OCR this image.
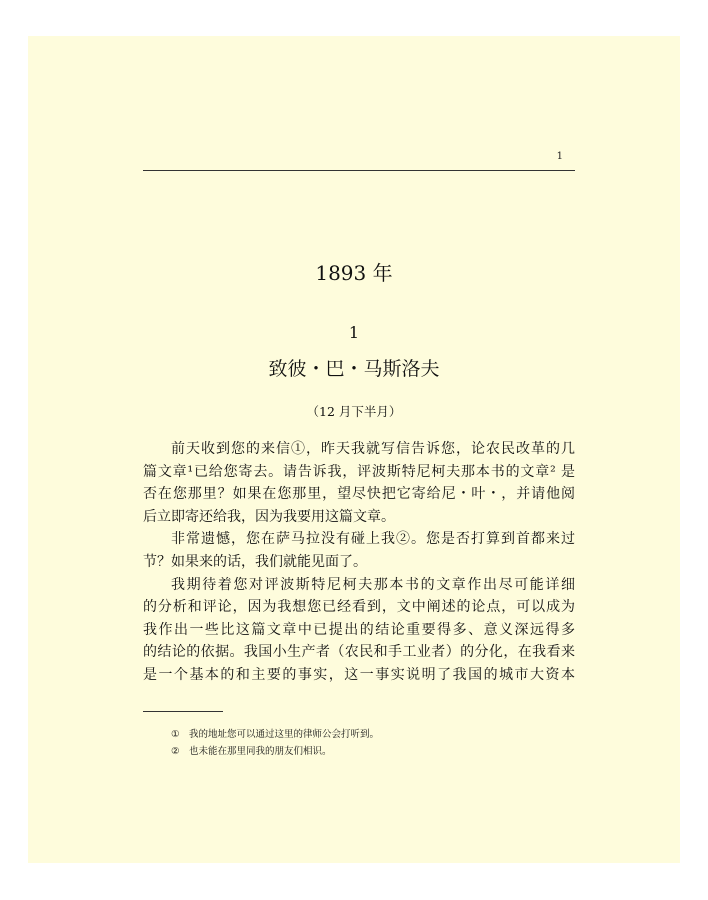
1
1893 年
1
致彼・巴・马斯洛夫
（12 月下半月）
前天收到您的来信①，昨天我就写信告诉您，论农民改革的几
篇文章¹已给您寄去。请告诉我，评波斯特尼柯夫那本书的文章² 是
否在您那里？如果在您那里，望尽快把它寄给尼・叶・，并请他阅
后立即寄还给我，因为我要用这篇文章。
非常遗憾，您在萨马拉没有碰上我②。您是否打算到首都来过
节？如果来的话，我们就能见面了。
我期待着您对评波斯特尼柯夫那本书的文章作出尽可能详细
的分析和评论，因为我想您已经看到，文中阐述的论点，可以成为
我作出一些比这篇文章中已提出的结论重要得多、意义深远得多
的结论的依据。我国小生产者（农民和手工业者）的分化，在我看来
是一个基本的和主要的事实，这一事实说明了我国的城市大资本
① 我的地址您可以通过这里的律师公会打听到。
② 也未能在那里同我的朋友们相识。
